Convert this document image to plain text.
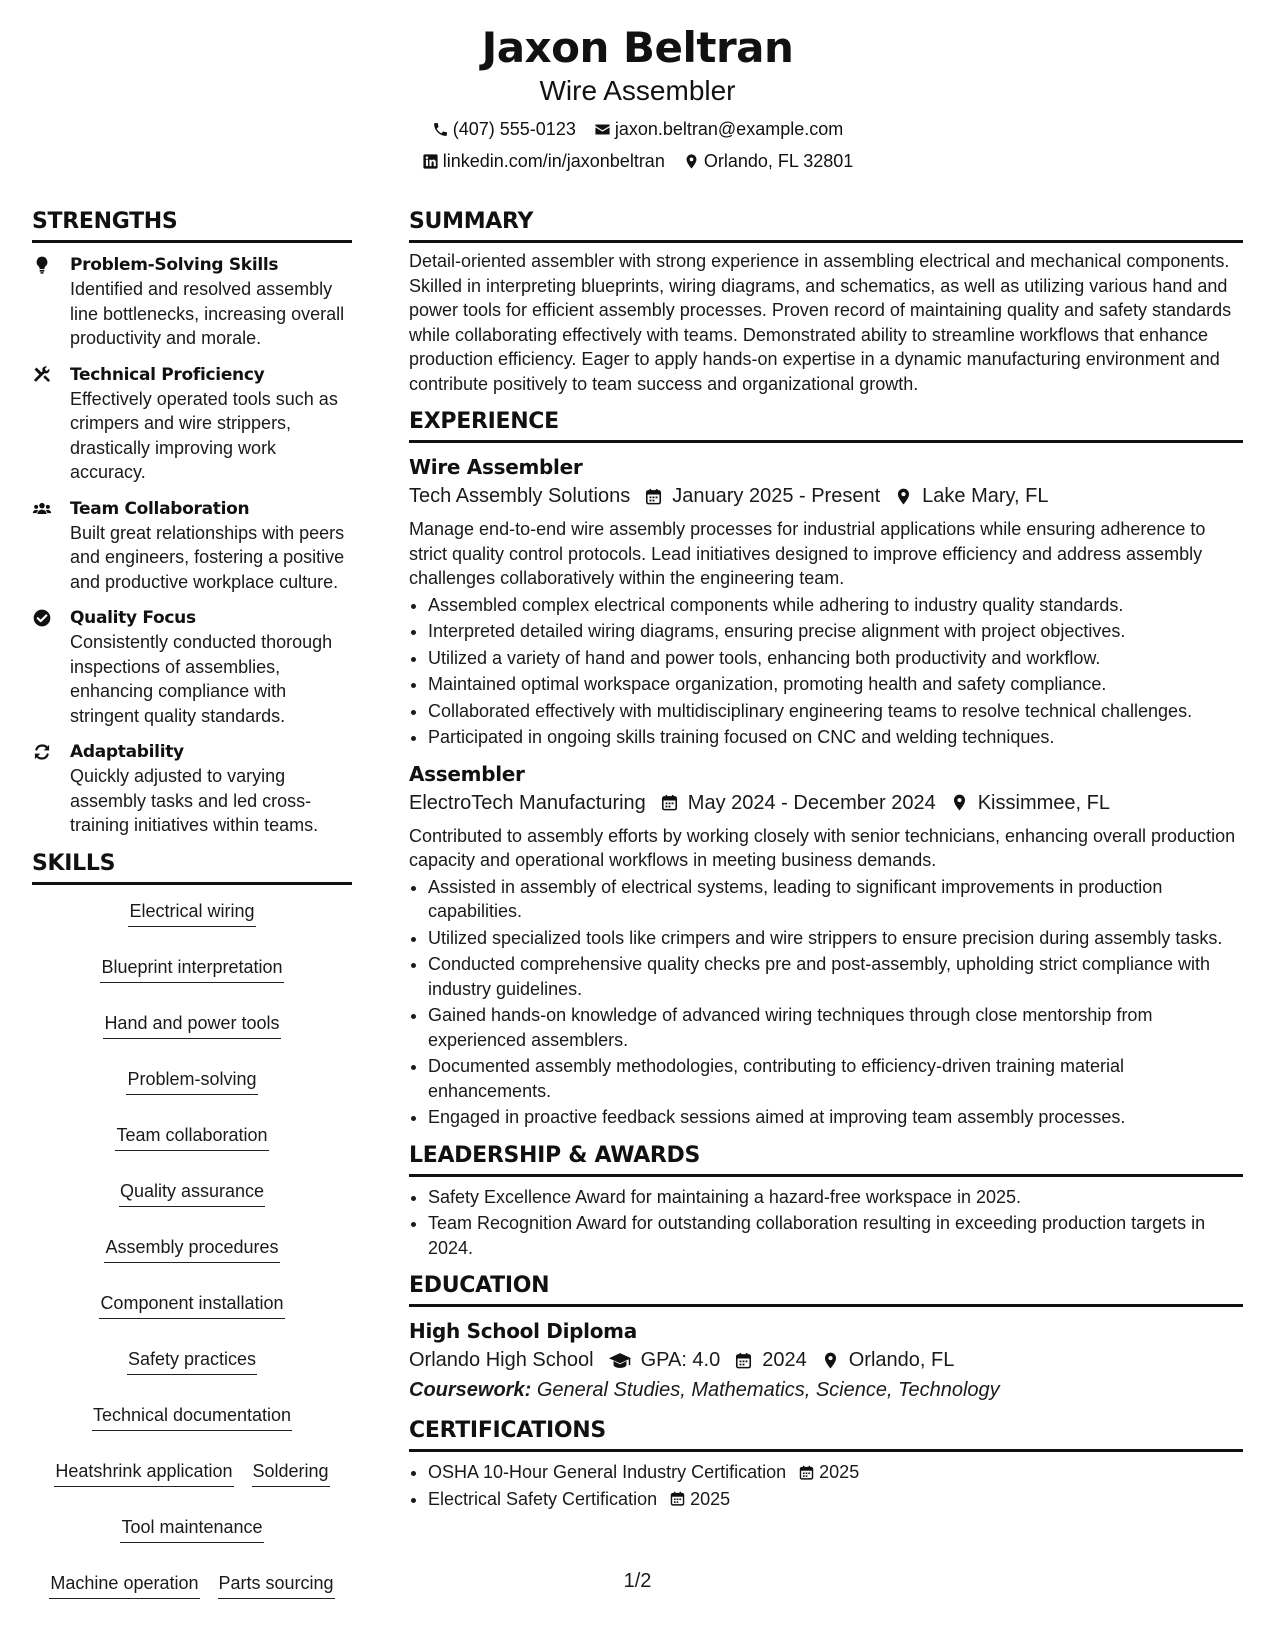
Jaxon Beltran
Wire Assembler
(407) 555-0123 jaxon.beltran@example.com
linkedin.com/in/jaxonbeltran Orlando, FL 32801
STRENGTHS
Problem-Solving Skills
Identified and resolved assembly line bottlenecks, increasing overall productivity and morale.
Technical Proficiency
Effectively operated tools such as crimpers and wire strippers, drastically improving work accuracy.
Team Collaboration
Built great relationships with peers and engineers, fostering a positive and productive workplace culture.
Quality Focus
Consistently conducted thorough inspections of assemblies, enhancing compliance with stringent quality standards.
Adaptability
Quickly adjusted to varying assembly tasks and led cross-training initiatives within teams.
SKILLS
Electrical wiring
Blueprint interpretation
Hand and power tools
Problem-solving
Team collaboration
Quality assurance
Assembly procedures
Component installation
Safety practices
Technical documentation
Heatshrink application Soldering
Tool maintenance
Machine operation Parts sourcing
SUMMARY
Detail-oriented assembler with strong experience in assembling electrical and mechanical components. Skilled in interpreting blueprints, wiring diagrams, and schematics, as well as utilizing various hand and power tools for efficient assembly processes. Proven record of maintaining quality and safety standards while collaborating effectively with teams. Demonstrated ability to streamline workflows that enhance production efficiency. Eager to apply hands-on expertise in a dynamic manufacturing environment and contribute positively to team success and organizational growth.
EXPERIENCE
Wire Assembler
Tech Assembly Solutions January 2025 - Present Lake Mary, FL
Manage end-to-end wire assembly processes for industrial applications while ensuring adherence to strict quality control protocols. Lead initiatives designed to improve efficiency and address assembly challenges collaboratively within the engineering team.
• Assembled complex electrical components while adhering to industry quality standards.
• Interpreted detailed wiring diagrams, ensuring precise alignment with project objectives.
• Utilized a variety of hand and power tools, enhancing both productivity and workflow.
• Maintained optimal workspace organization, promoting health and safety compliance.
• Collaborated effectively with multidisciplinary engineering teams to resolve technical challenges.
• Participated in ongoing skills training focused on CNC and welding techniques.
Assembler
ElectroTech Manufacturing May 2024 - December 2024 Kissimmee, FL
Contributed to assembly efforts by working closely with senior technicians, enhancing overall production capacity and operational workflows in meeting business demands.
• Assisted in assembly of electrical systems, leading to significant improvements in production capabilities.
• Utilized specialized tools like crimpers and wire strippers to ensure precision during assembly tasks.
• Conducted comprehensive quality checks pre and post-assembly, upholding strict compliance with industry guidelines.
• Gained hands-on knowledge of advanced wiring techniques through close mentorship from experienced assemblers.
• Documented assembly methodologies, contributing to efficiency-driven training material enhancements.
• Engaged in proactive feedback sessions aimed at improving team assembly processes.
LEADERSHIP & AWARDS
• Safety Excellence Award for maintaining a hazard-free workspace in 2025.
• Team Recognition Award for outstanding collaboration resulting in exceeding production targets in 2024.
EDUCATION
High School Diploma
Orlando High School GPA: 4.0 2024 Orlando, FL
Coursework: General Studies, Mathematics, Science, Technology
CERTIFICATIONS
• OSHA 10-Hour General Industry Certification 2025
• Electrical Safety Certification 2025
1/2
